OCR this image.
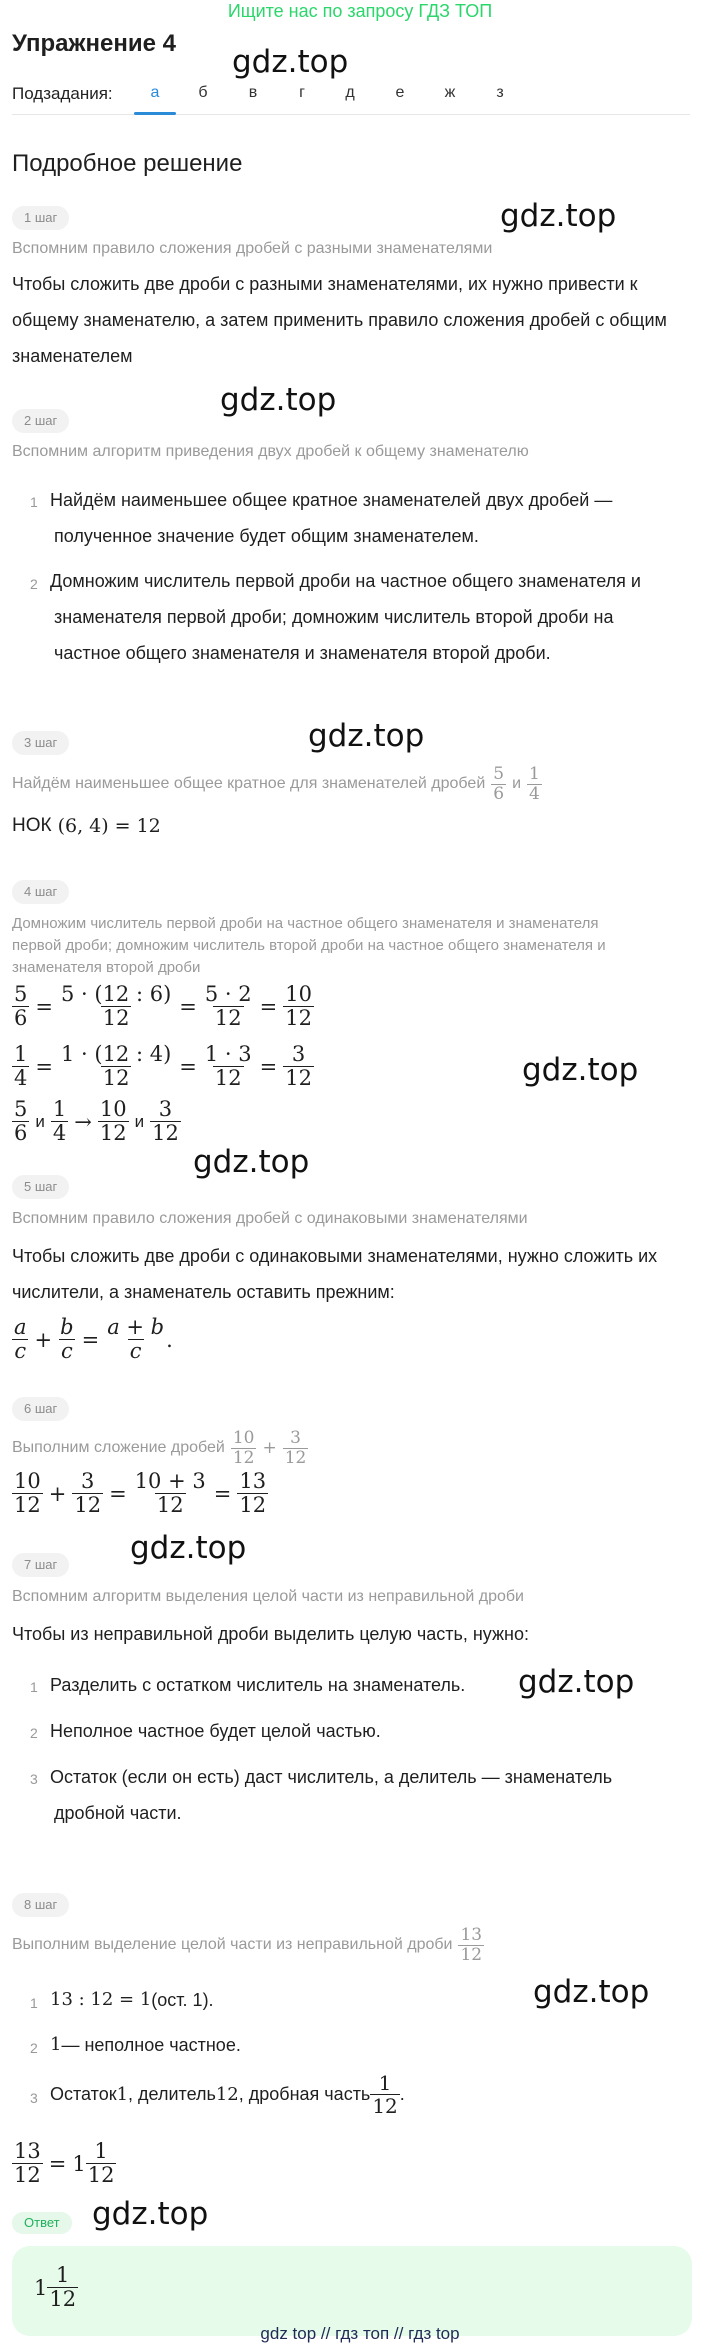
Ищите нас по запросу ГДЗ ТОП
Упражнение 4
gdz.top
Подзадания:	а	б	в	г	д	е	ж	з
Подробное решение
1 шаг	gdz.top
Вспомним правило сложения дробей с разными знаменателями
Чтобы сложить две дроби с разными знаменателями, их нужно привести к
общему знаменателю, а затем применить правило сложения дробей с общим
знаменателем
2 шаг
gdz.top
Вспомним алгоритм приведения двух дробей к общему знаменателю
1 Найдём наименьшее общее кратное знаменателей двух дробей —
полученное значение будет общим знаменателем.
2 Домножим числитель первой дроби на частное общего знаменателя и
знаменателя первой дроби; домножим числитель второй дроби на
частное общего знаменателя и знаменателя второй дроби.
3 шаг	gdz.top
Найдём наименьшее общее кратное для знаменателей дробей $\frac{5}{6}$ и $\frac{1}{4}$
НОК (6, 4) = 12
4 шаг
Домножим числитель первой дроби на частное общего знаменателя и знаменателя
первой дроби; домножим числитель второй дроби на частное общего знаменателя и
знаменателя второй дроби
$\frac{5}{6} = \frac{5 \cdot (12 : 6)}{12} = \frac{5 \cdot 2}{12} = \frac{10}{12}$
$\frac{1}{4} = \frac{1 \cdot (12 : 4)}{12} = \frac{1 \cdot 3}{12} = \frac{3}{12}$
$\frac{5}{6}$ и $\frac{1}{4} \to \frac{10}{12}$ и $\frac{3}{12}$
gdz.top
gdz.top
5 шаг
Вспомним правило сложения дробей с одинаковыми знаменателями
Чтобы сложить две дроби с одинаковыми знаменателями, нужно сложить их
числители, а знаменатель оставить прежним:
$\frac{a}{c} + \frac{b}{c} = \frac{a + b}{c}$ .
6 шаг
Выполним сложение дробей $\frac{10}{12} + \frac{3}{12}$
$\frac{10}{12} + \frac{3}{12} = \frac{10 + 3}{12} = \frac{13}{12}$
gdz.top
7 шаг
Вспомним алгоритм выделения целой части из неправильной дроби
Чтобы из неправильной дроби выделить целую часть, нужно:
1 Разделить с остатком числитель на знаменатель. gdz.top
2 Неполное частное будет целой частью.
3 Остаток (если он есть) даст числитель, а делитель — знаменатель
дробной части.
8 шаг
Выполним выделение целой части из неправильной дроби $\frac{13}{12}$
1 13 : 12 = 1 (ост. 1).	gdz.top
2 1 — неполное частное.
3 Остаток 1 , делитель 12 , дробная часть $\frac{1}{12}$ .
$\frac{13}{12} = 1 \frac{1}{12}$
Ответ	gdz.top
$1 \frac{1}{12}$
gdz top // гдз топ // гдз top
